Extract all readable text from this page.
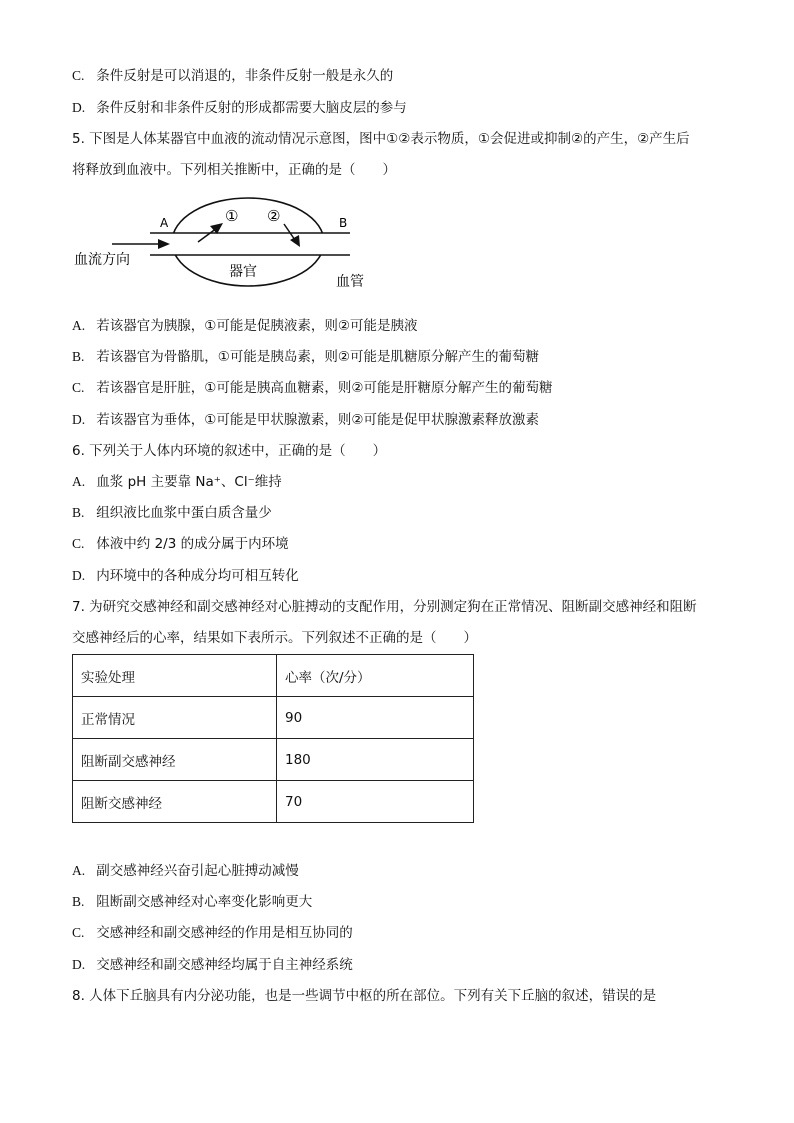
C. 条件反射是可以消退的，非条件反射一般是永久的
D. 条件反射和非条件反射的形成都需要大脑皮层的参与
5. 下图是人体某器官中血液的流动情况示意图，图中①②表示物质，①会促进或抑制②的产生，②产生后
将释放到血液中。下列相关推断中，正确的是（　　）
A	B
① ②
血流方向
器官
血管
A. 若该器官为胰腺，①可能是促胰液素，则②可能是胰液
B. 若该器官为骨骼肌，①可能是胰岛素，则②可能是肌糖原分解产生的葡萄糖
C. 若该器官是肝脏，①可能是胰高血糖素，则②可能是肝糖原分解产生的葡萄糖
D. 若该器官为垂体，①可能是甲状腺激素，则②可能是促甲状腺激素释放激素
6. 下列关于人体内环境的叙述中，正确的是（　　）
A. 血浆 pH 主要靠 Na⁺、Cl⁻维持
B. 组织液比血浆中蛋白质含量少
C. 体液中约 2/3 的成分属于内环境
D. 内环境中的各种成分均可相互转化
7. 为研究交感神经和副交感神经对心脏搏动的支配作用，分别测定狗在正常情况、阻断副交感神经和阻断
交感神经后的心率，结果如下表所示。下列叙述不正确的是（　　）
实验处理	心率（次/分）
正常情况	90
阻断副交感神经	180
阻断交感神经	70
A. 副交感神经兴奋引起心脏搏动减慢
B. 阻断副交感神经对心率变化影响更大
C. 交感神经和副交感神经的作用是相互协同的
D. 交感神经和副交感神经均属于自主神经系统
8. 人体下丘脑具有内分泌功能，也是一些调节中枢的所在部位。下列有关下丘脑的叙述，错误的是
